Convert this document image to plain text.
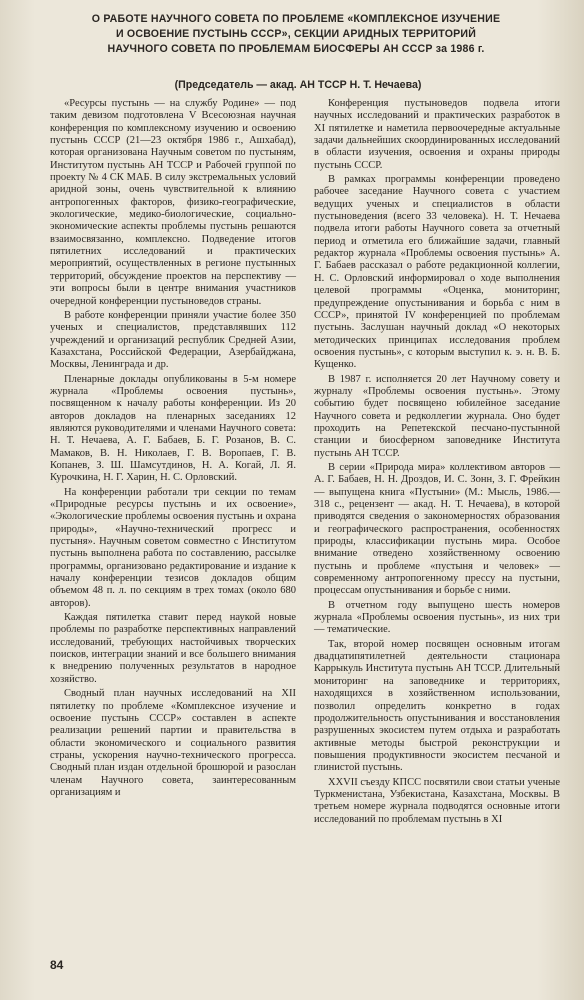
О РАБОТЕ НАУЧНОГО СОВЕТА ПО ПРОБЛЕМЕ «КОМПЛЕКСНОЕ ИЗУЧЕНИЕ
И ОСВОЕНИЕ ПУСТЫНЬ СССР», СЕКЦИИ АРИДНЫХ ТЕРРИТОРИЙ
НАУЧНОГО СОВЕТА ПО ПРОБЛЕМАМ БИОСФЕРЫ АН СССР за 1986 г.
(Председатель — акад. АН ТССР Н. Т. Нечаева)

«Ресурсы пустынь — на службу Родине» — под таким девизом подготовлена V Всесоюзная научная конференция по комплексному изучению и освоению пустынь СССР (21—23 октября 1986 г., Ашхабад), которая организована Научным советом по пустыням, Институтом пустынь АН ТССР и Рабочей группой по проекту № 4 СК МАБ. В силу экстремальных условий аридной зоны, очень чувствительной к влиянию антропогенных факторов, физико-географические, экологические, медико-биологические, социально-экономические аспекты проблемы пустынь решаются взаимосвязанно, комплексно. Подведение итогов пятилетних исследований и практических мероприятий, осуществленных в регионе пустынных территорий, обсуждение проектов на перспективу — эти вопросы были в центре внимания участников очередной конференции пустыноведов страны.

В работе конференции приняли участие более 350 ученых и специалистов, представлявших 112 учреждений и организаций республик Средней Азии, Казахстана, Российской Федерации, Азербайджана, Москвы, Ленинграда и др.

Пленарные доклады опубликованы в 5-м номере журнала «Проблемы освоения пустынь», посвященном к началу работы конференции. Из 20 авторов докладов на пленарных заседаниях 12 являются руководителями и членами Научного совета: Н. Т. Нечаева, А. Г. Бабаев, Б. Г. Розанов, В. С. Мамаков, В. Н. Николаев, Г. В. Воропаев, Г. В. Копанев, З. Ш. Шамсутдинов, Н. А. Когай, Л. Я. Курочкина, Н. Г. Харин, Н. С. Орловский.

На конференции работали три секции по темам «Природные ресурсы пустынь и их освоение», «Экологические проблемы освоения пустынь и охрана природы», «Научно-технический прогресс и пустыня». Научным советом совместно с Институтом пустынь выполнена работа по составлению, рассылке программы, организовано редактирование и издание к началу конференции тезисов докладов общим объемом 48 п. л. по секциям в трех томах (около 680 авторов).

Каждая пятилетка ставит перед наукой новые проблемы по разработке перспективных направлений исследований, требующих настойчивых творческих поисков, интеграции знаний и все большего внимания к внедрению полученных результатов в народное хозяйство.

Сводный план научных исследований на XII пятилетку по проблеме «Комплексное изучение и освоение пустынь СССР» составлен в аспекте реализации решений партии и правительства в области экономического и социального развития страны, ускорения научно-технического прогресса. Сводный план издан отдельной брошюрой и разослан членам Научного совета, заинтересованным организациям и

Конференция пустыноведов подвела итоги научных исследований и практических разработок в XI пятилетке и наметила первоочередные актуальные задачи дальнейших скоординированных исследований в области изучения, освоения и охраны природы пустынь СССР.

В рамках программы конференции проведено рабочее заседание Научного совета с участием ведущих ученых и специалистов в области пустыноведения (всего 33 человека). Н. Т. Нечаева подвела итоги работы Научного совета за отчетный период и отметила его ближайшие задачи, главный редактор журнала «Проблемы освоения пустынь» А. Г. Бабаев рассказал о работе редакционной коллегии, Н. С. Орловский информировал о ходе выполнения целевой программы «Оценка, мониторинг, предупреждение опустынивания и борьба с ним в СССР», принятой IV конференцией по проблемам пустынь. Заслушан научный доклад «О некоторых методических принципах исследования проблем освоения пустынь», с которым выступил к. э. н. В. Б. Кущенко.

В 1987 г. исполняется 20 лет Научному совету и журналу «Проблемы освоения пустынь». Этому событию будет посвящено юбилейное заседание Научного совета и редколлегии журнала. Оно будет проходить на Репетекской песчано-пустынной станции и биосферном заповеднике Института пустынь АН ТССР.

В серии «Природа мира» коллективом авторов — А. Г. Бабаев, Н. Н. Дроздов, И. С. Зонн, З. Г. Фрейкин — выпущена книга «Пустыни» (М.: Мысль, 1986.—318 с., рецензент — акад. Н. Т. Нечаева), в которой приводятся сведения о закономерностях образования и географического распространения, особенностях природы, классификации пустынь мира. Особое внимание отведено хозяйственному освоению пустынь и проблеме «пустыня и человек» — современному антропогенному прессу на пустыни, процессам опустынивания и борьбе с ними.

В отчетном году выпущено шесть номеров журнала «Проблемы освоения пустынь», из них три — тематические.

Так, второй номер посвящен основным итогам двадцатипятилетней деятельности стационара Каррыкуль Института пустынь АН ТССР. Длительный мониторинг на заповеднике и территориях, находящихся в хозяйственном использовании, позволил определить конкретно в годах продолжительность опустынивания и восстановления разрушенных экосистем путем отдыха и разработать активные методы быстрой реконструкции и повышения продуктивности экосистем песчаной и глинистой пустынь.

XXVII съезду КПСС посвятили свои статьи ученые Туркменистана, Узбекистана, Казахстана, Москвы. В третьем номере журнала подводятся основные итоги исследований по проблемам пустынь в XI

84
